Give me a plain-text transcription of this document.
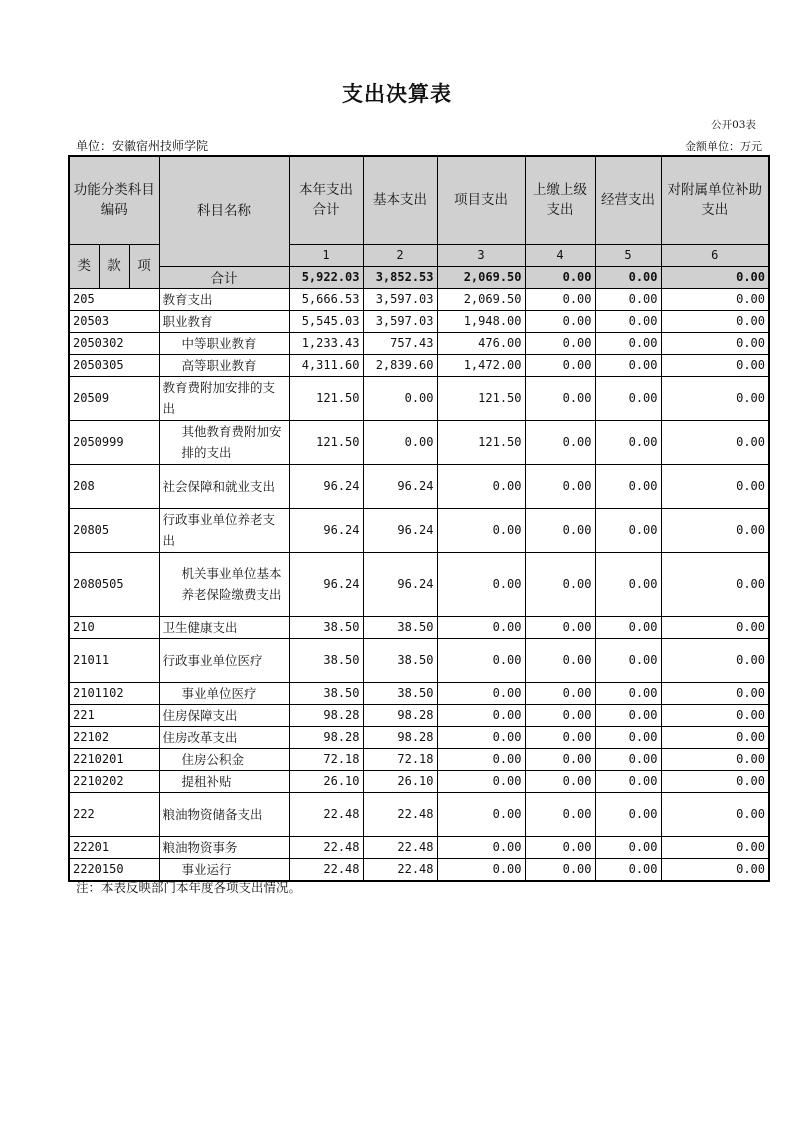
支出决算表
公开03表
单位：安徽宿州技师学院	金额单位：万元
功能分类科目编码			科目名称	本年支出合计	基本支出	项目支出	上缴上级支出	经营支出	对附属单位补助支出
类	款	项		1	2	3	4	5	6
			合计	5,922.03	3,852.53	2,069.50	0.00	0.00	0.00
205			教育支出	5,666.53	3,597.03	2,069.50	0.00	0.00	0.00
20503			职业教育	5,545.03	3,597.03	1,948.00	0.00	0.00	0.00
2050302			中等职业教育	1,233.43	757.43	476.00	0.00	0.00	0.00
2050305			高等职业教育	4,311.60	2,839.60	1,472.00	0.00	0.00	0.00
20509			教育费附加安排的支出	121.50	0.00	121.50	0.00	0.00	0.00
2050999			其他教育费附加安排的支出	121.50	0.00	121.50	0.00	0.00	0.00
208			社会保障和就业支出	96.24	96.24	0.00	0.00	0.00	0.00
20805			行政事业单位养老支出	96.24	96.24	0.00	0.00	0.00	0.00
2080505			机关事业单位基本养老保险缴费支出	96.24	96.24	0.00	0.00	0.00	0.00
210			卫生健康支出	38.50	38.50	0.00	0.00	0.00	0.00
21011			行政事业单位医疗	38.50	38.50	0.00	0.00	0.00	0.00
2101102			事业单位医疗	38.50	38.50	0.00	0.00	0.00	0.00
221			住房保障支出	98.28	98.28	0.00	0.00	0.00	0.00
22102			住房改革支出	98.28	98.28	0.00	0.00	0.00	0.00
2210201			住房公积金	72.18	72.18	0.00	0.00	0.00	0.00
2210202			提租补贴	26.10	26.10	0.00	0.00	0.00	0.00
222			粮油物资储备支出	22.48	22.48	0.00	0.00	0.00	0.00
22201			粮油物资事务	22.48	22.48	0.00	0.00	0.00	0.00
2220150			事业运行	22.48	22.48	0.00	0.00	0.00	0.00
注：本表反映部门本年度各项支出情况。
